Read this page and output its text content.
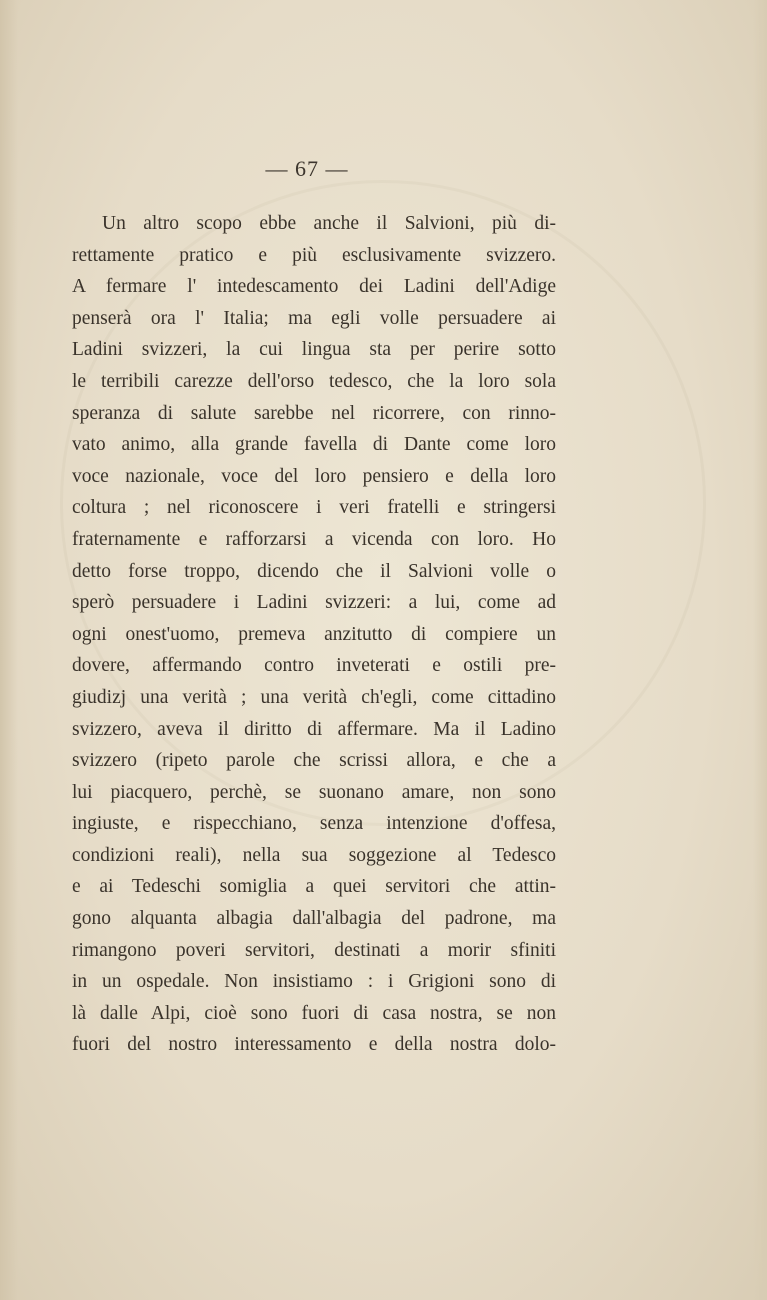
— 67 —
Un altro scopo ebbe anche il Salvioni, più di-
rettamente pratico e più esclusivamente svizzero.
A fermare l' intedescamento dei Ladini dell'Adige
penserà ora l' Italia; ma egli volle persuadere ai
Ladini svizzeri, la cui lingua sta per perire sotto
le terribili carezze dell'orso tedesco, che la loro sola
speranza di salute sarebbe nel ricorrere, con rinno-
vato animo, alla grande favella di Dante come loro
voce nazionale, voce del loro pensiero e della loro
coltura ; nel riconoscere i veri fratelli e stringersi
fraternamente e rafforzarsi a vicenda con loro. Ho
detto forse troppo, dicendo che il Salvioni volle o
sperò persuadere i Ladini svizzeri: a lui, come ad
ogni onest'uomo, premeva anzitutto di compiere un
dovere, affermando contro inveterati e ostili pre-
giudizj una verità ; una verità ch'egli, come cittadino
svizzero, aveva il diritto di affermare. Ma il Ladino
svizzero (ripeto parole che scrissi allora, e che a
lui piacquero, perchè, se suonano amare, non sono
ingiuste, e rispecchiano, senza intenzione d'offesa,
condizioni reali), nella sua soggezione al Tedesco
e ai Tedeschi somiglia a quei servitori che attin-
gono alquanta albagia dall'albagia del padrone, ma
rimangono poveri servitori, destinati a morir sfiniti
in un ospedale. Non insistiamo : i Grigioni sono di
là dalle Alpi, cioè sono fuori di casa nostra, se non
fuori del nostro interessamento e della nostra dolo-
